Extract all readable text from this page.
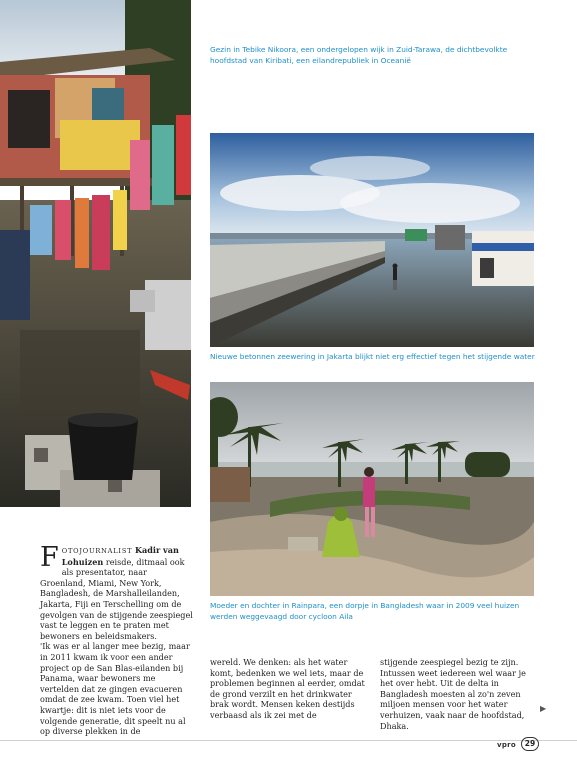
Gezin in Tebike Nikoora, een ondergelopen wijk in Zuid-Tarawa, de dichtbevolkte hoofdstad van Kiribati, een eilandrepubliek in Oceanië
Nieuwe betonnen zeewering in Jakarta blijkt niet erg effectief tegen het stijgende water
Moeder en dochter in Rainpara, een dorpje in Bangladesh waar in 2009 veel huizen werden weggevaagd door cycloon Aila
FOTOJOURNALIST Kadir van Lohuizen reisde, ditmaal ook als presentator, naar Groenland, Miami, New York, Bangladesh, de Marshalleilanden, Jakarta, Fiji en Terschelling om de gevolgen van de stijgende zeespiegel vast te leggen en te praten met bewoners en beleidsmakers.
'Ik was er al langer mee bezig, maar in 2011 kwam ik voor een ander project op de San Blas-eilanden bij Panama, waar bewoners me vertelden dat ze gingen evacueren omdat de zee kwam. Toen viel het kwartje: dit is niet iets voor de volgende generatie, dit speelt nu al op diverse plekken in de
wereld. We denken: als het water komt, bedenken we wel iets, maar de problemen beginnen al eerder, omdat de grond verzilt en het drinkwater brak wordt. Mensen keken destijds verbaasd als ik zei met de
stijgende zeespiegel bezig te zijn. Intussen weet iedereen wel waar je het over hebt. Uit de delta in Bangladesh moesten al zo'n zeven miljoen mensen voor het water verhuizen, vaak naar de hoofdstad, Dhaka.
▶
vpro	29
